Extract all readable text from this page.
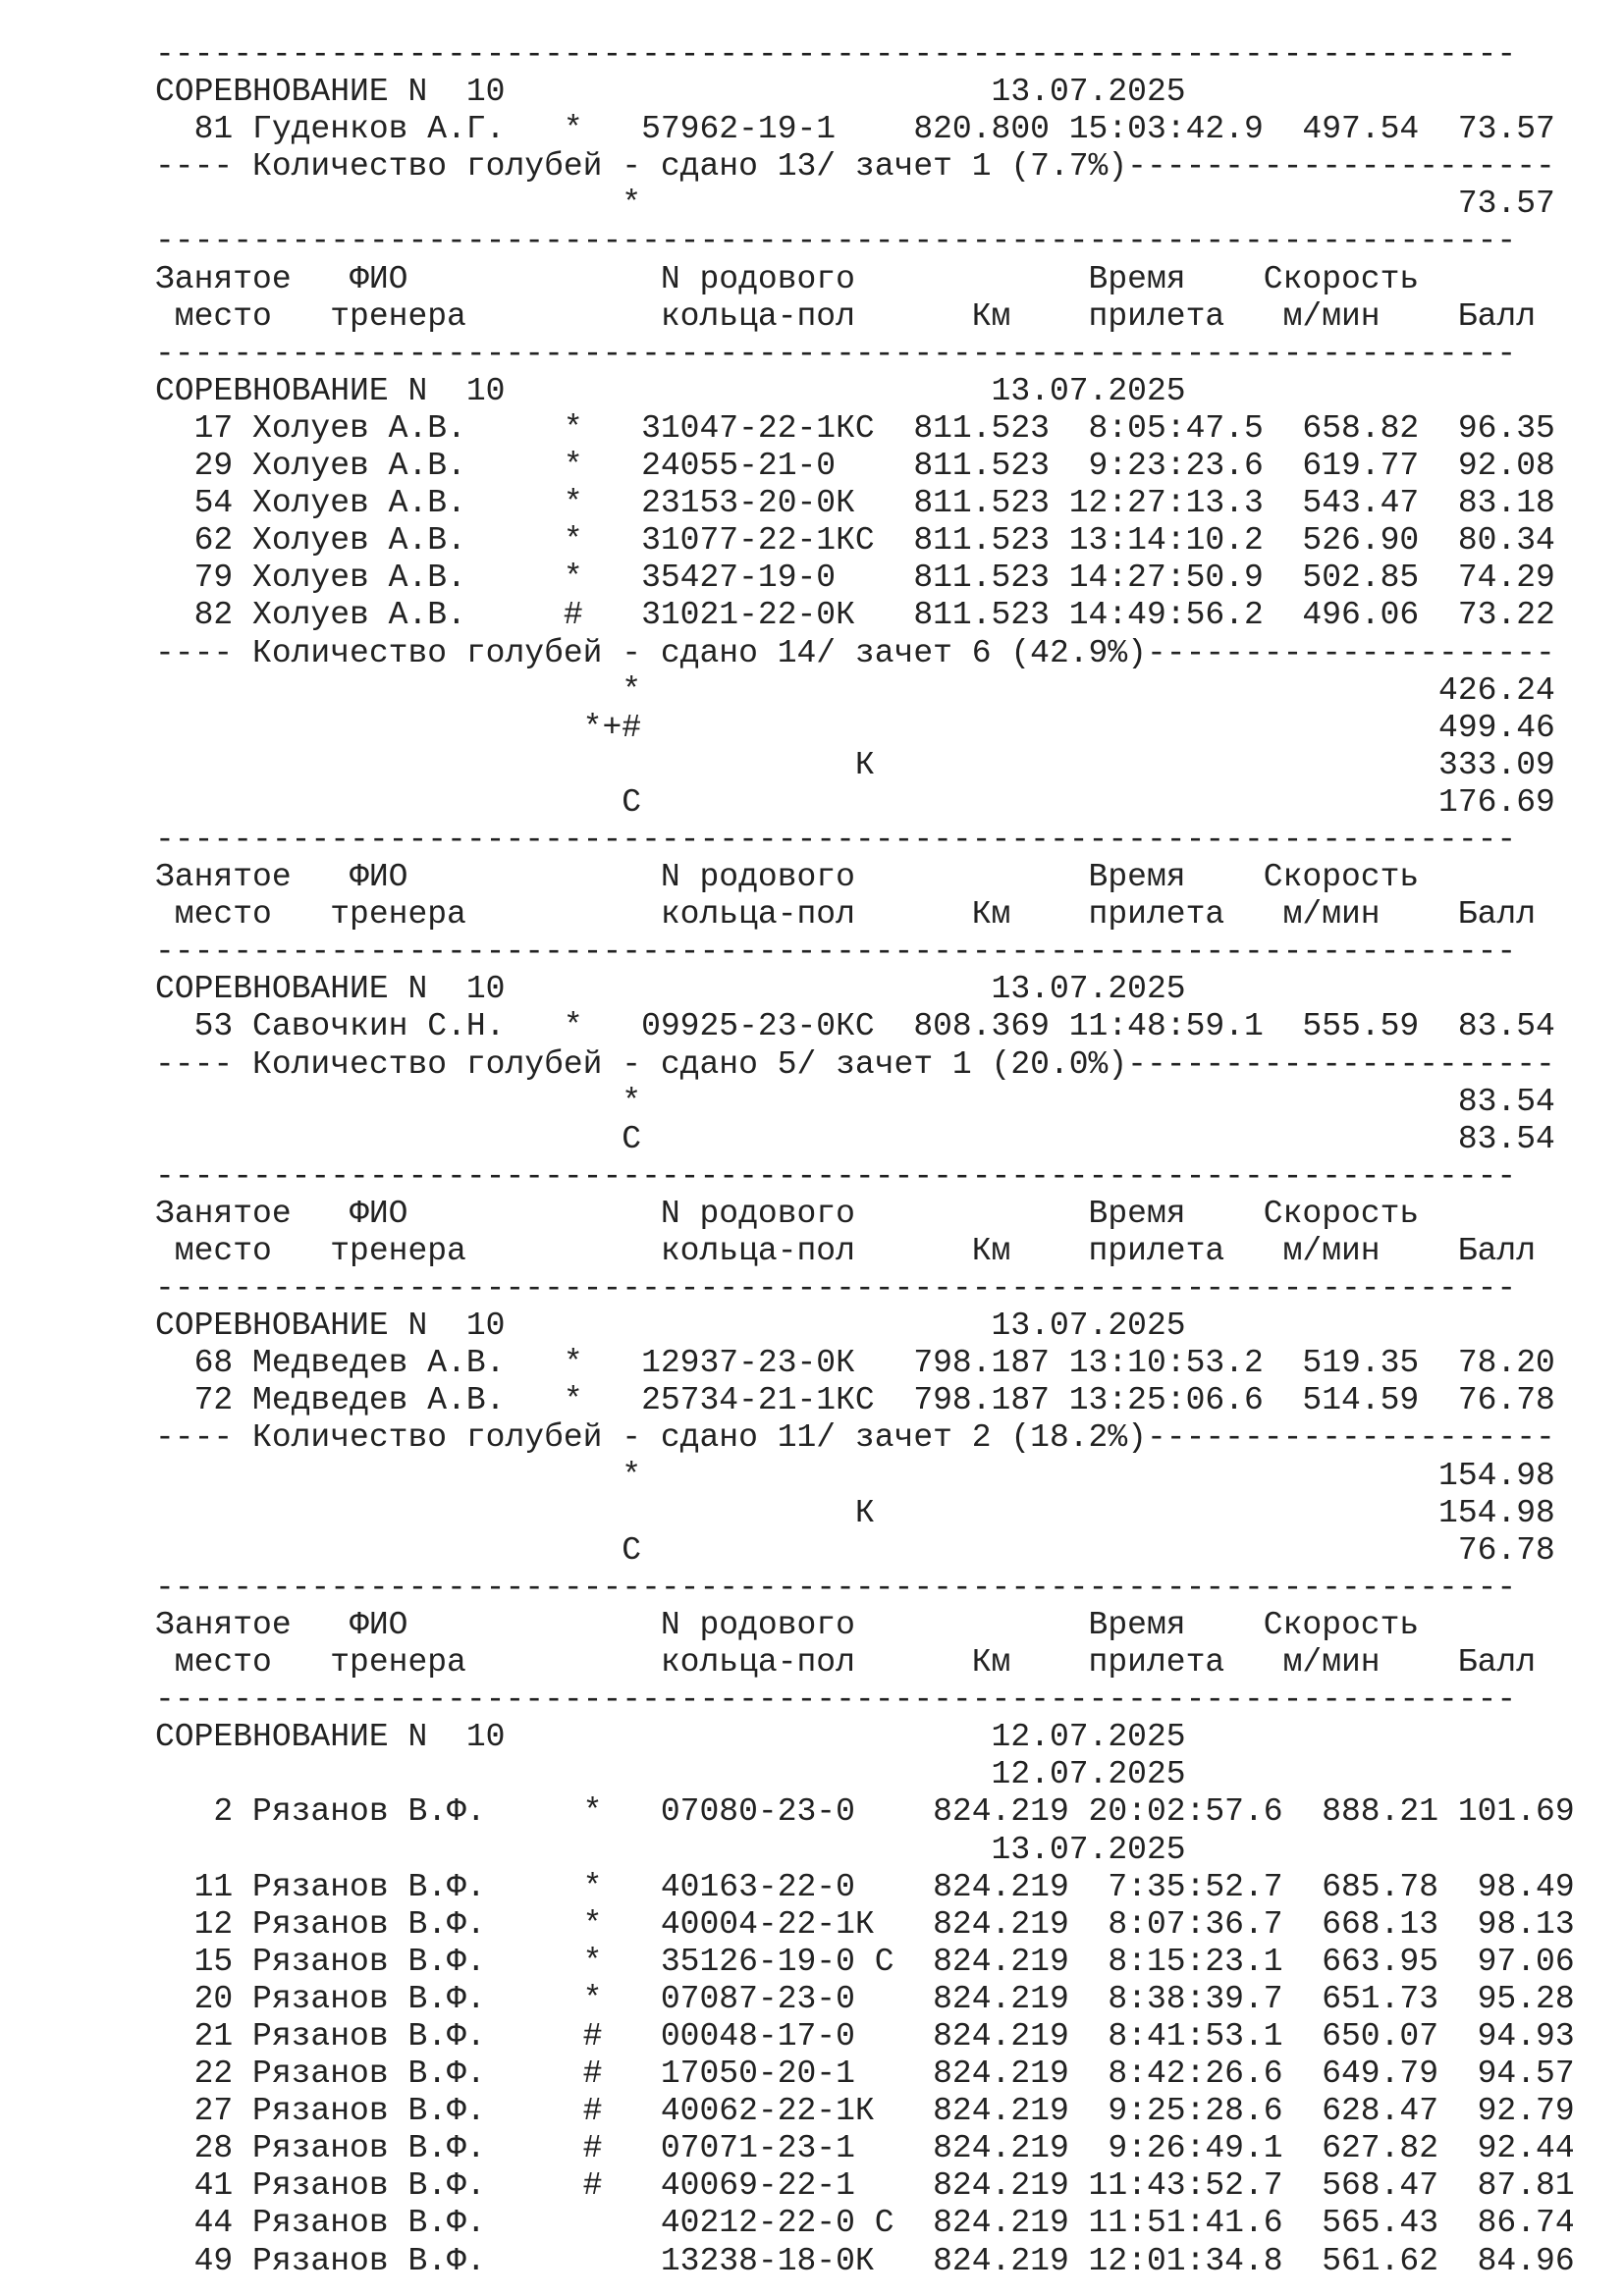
----------------------------------------------------------------------
СОРЕВНОВАНИЕ N  10                         13.07.2025
81 Гуденков А.Г.   *   57962-19-1    820.800 15:03:42.9  497.54  73.57
---- Количество голубей - сдано 13/ зачет 1 (7.7%)----------------------
*                                          73.57
----------------------------------------------------------------------
Занятое   ФИО             N родового            Время    Скорость
место   тренера          кольца-пол      Км    прилета   м/мин    Балл
----------------------------------------------------------------------
СОРЕВНОВАНИЕ N  10                         13.07.2025
17 Холуев А.В.     *   31047-22-1КС  811.523  8:05:47.5  658.82  96.35
29 Холуев А.В.     *   24055-21-0    811.523  9:23:23.6  619.77  92.08
54 Холуев А.В.     *   23153-20-0К   811.523 12:27:13.3  543.47  83.18
62 Холуев А.В.     *   31077-22-1КС  811.523 13:14:10.2  526.90  80.34
79 Холуев А.В.     *   35427-19-0    811.523 14:27:50.9  502.85  74.29
82 Холуев А.В.     #   31021-22-0К   811.523 14:49:56.2  496.06  73.22
---- Количество голубей - сдано 14/ зачет 6 (42.9%)---------------------
*                                         426.24
*+#                                         499.46
К                             333.09
С                                         176.69
----------------------------------------------------------------------
Занятое   ФИО             N родового            Время    Скорость
место   тренера          кольца-пол      Км    прилета   м/мин    Балл
----------------------------------------------------------------------
СОРЕВНОВАНИЕ N  10                         13.07.2025
53 Савочкин С.Н.   *   09925-23-0КС  808.369 11:48:59.1  555.59  83.54
---- Количество голубей - сдано 5/ зачет 1 (20.0%)----------------------
*                                          83.54
С                                          83.54
----------------------------------------------------------------------
Занятое   ФИО             N родового            Время    Скорость
место   тренера          кольца-пол      Км    прилета   м/мин    Балл
----------------------------------------------------------------------
СОРЕВНОВАНИЕ N  10                         13.07.2025
68 Медведев А.В.   *   12937-23-0К   798.187 13:10:53.2  519.35  78.20
72 Медведев А.В.   *   25734-21-1КС  798.187 13:25:06.6  514.59  76.78
---- Количество голубей - сдано 11/ зачет 2 (18.2%)---------------------
*                                         154.98
К                             154.98
С                                          76.78
----------------------------------------------------------------------
Занятое   ФИО             N родового            Время    Скорость
место   тренера          кольца-пол      Км    прилета   м/мин    Балл
----------------------------------------------------------------------
СОРЕВНОВАНИЕ N  10                         12.07.2025
12.07.2025
2 Рязанов В.Ф.     *   07080-23-0    824.219 20:02:57.6  888.21 101.69
13.07.2025
11 Рязанов В.Ф.     *   40163-22-0    824.219  7:35:52.7  685.78  98.49
12 Рязанов В.Ф.     *   40004-22-1К   824.219  8:07:36.7  668.13  98.13
15 Рязанов В.Ф.     *   35126-19-0 С  824.219  8:15:23.1  663.95  97.06
20 Рязанов В.Ф.     *   07087-23-0    824.219  8:38:39.7  651.73  95.28
21 Рязанов В.Ф.     #   00048-17-0    824.219  8:41:53.1  650.07  94.93
22 Рязанов В.Ф.     #   17050-20-1    824.219  8:42:26.6  649.79  94.57
27 Рязанов В.Ф.     #   40062-22-1К   824.219  9:25:28.6  628.47  92.79
28 Рязанов В.Ф.     #   07071-23-1    824.219  9:26:49.1  627.82  92.44
41 Рязанов В.Ф.     #   40069-22-1    824.219 11:43:52.7  568.47  87.81
44 Рязанов В.Ф.         40212-22-0 С  824.219 11:51:41.6  565.43  86.74
49 Рязанов В.Ф.         13238-18-0К   824.219 12:01:34.8  561.62  84.96
